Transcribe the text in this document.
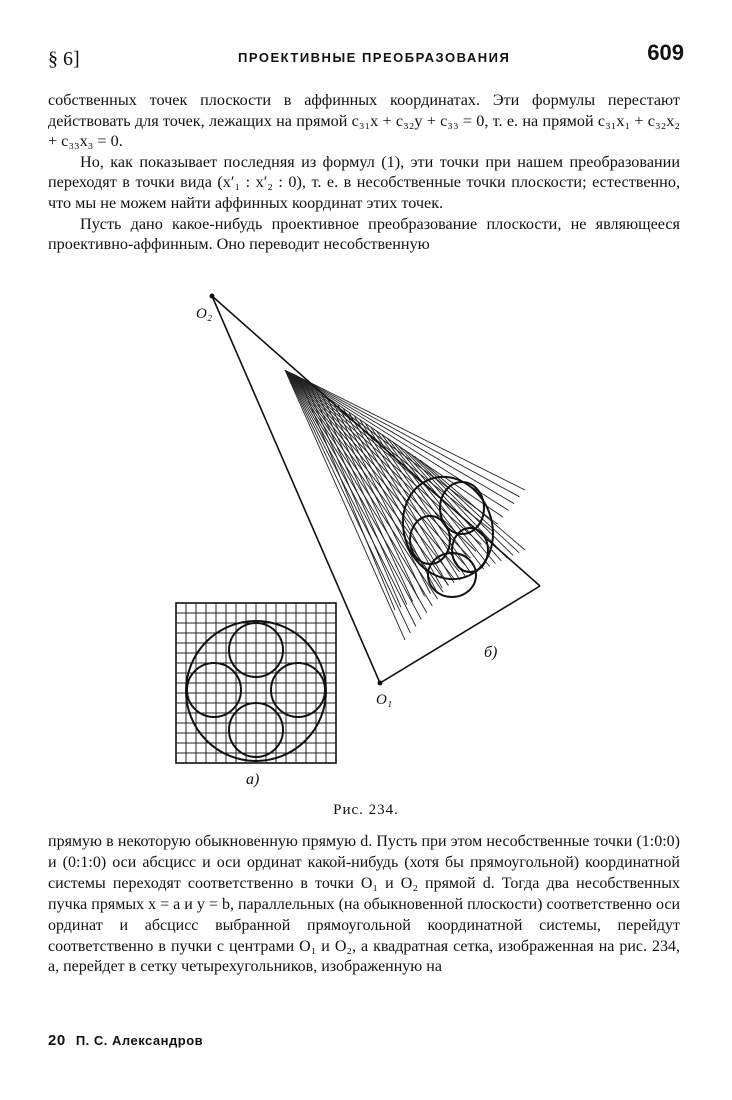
§ 6]	ПРОЕКТИВНЫЕ ПРЕОБРАЗОВАНИЯ	609

собственных точек плоскости в аффинных координатах. Эти формулы перестают действовать для точек, лежащих на прямой c₃₁x + c₃₂y + c₃₃ = 0, т. е. на прямой c₃₁x₁ + c₃₂x₂ + c₃₃x₃ = 0.

Но, как показывает последняя из формул (1), эти точки при нашем преобразовании переходят в точки вида (x′₁ : x′₂ : 0), т. е. в несобственные точки плоскости; естественно, что мы не можем найти аффинных координат этих точек.

Пусть дано какое-нибудь проективное преобразование плоскости, не являющееся проективно-аффинным. Оно переводит несобственную

O₂
O₁
a)
б)
Рис. 234.

прямую в некоторую обыкновенную прямую d. Пусть при этом несобственные точки (1:0:0) и (0:1:0) оси абсцисс и оси ординат какой-нибудь (хотя бы прямоугольной) координатной системы переходят соответственно в точки O₁ и O₂ прямой d. Тогда два несобственных пучка прямых x = a и y = b, параллельных (на обыкновенной плоскости) соответственно оси ординат и абсцисс выбранной прямоугольной координатной системы, перейдут соответственно в пучки с центрами O₁ и O₂, а квадратная сетка, изображенная на рис. 234, a, перейдет в сетку четырехугольников, изображенную на

20 П. С. Александров
